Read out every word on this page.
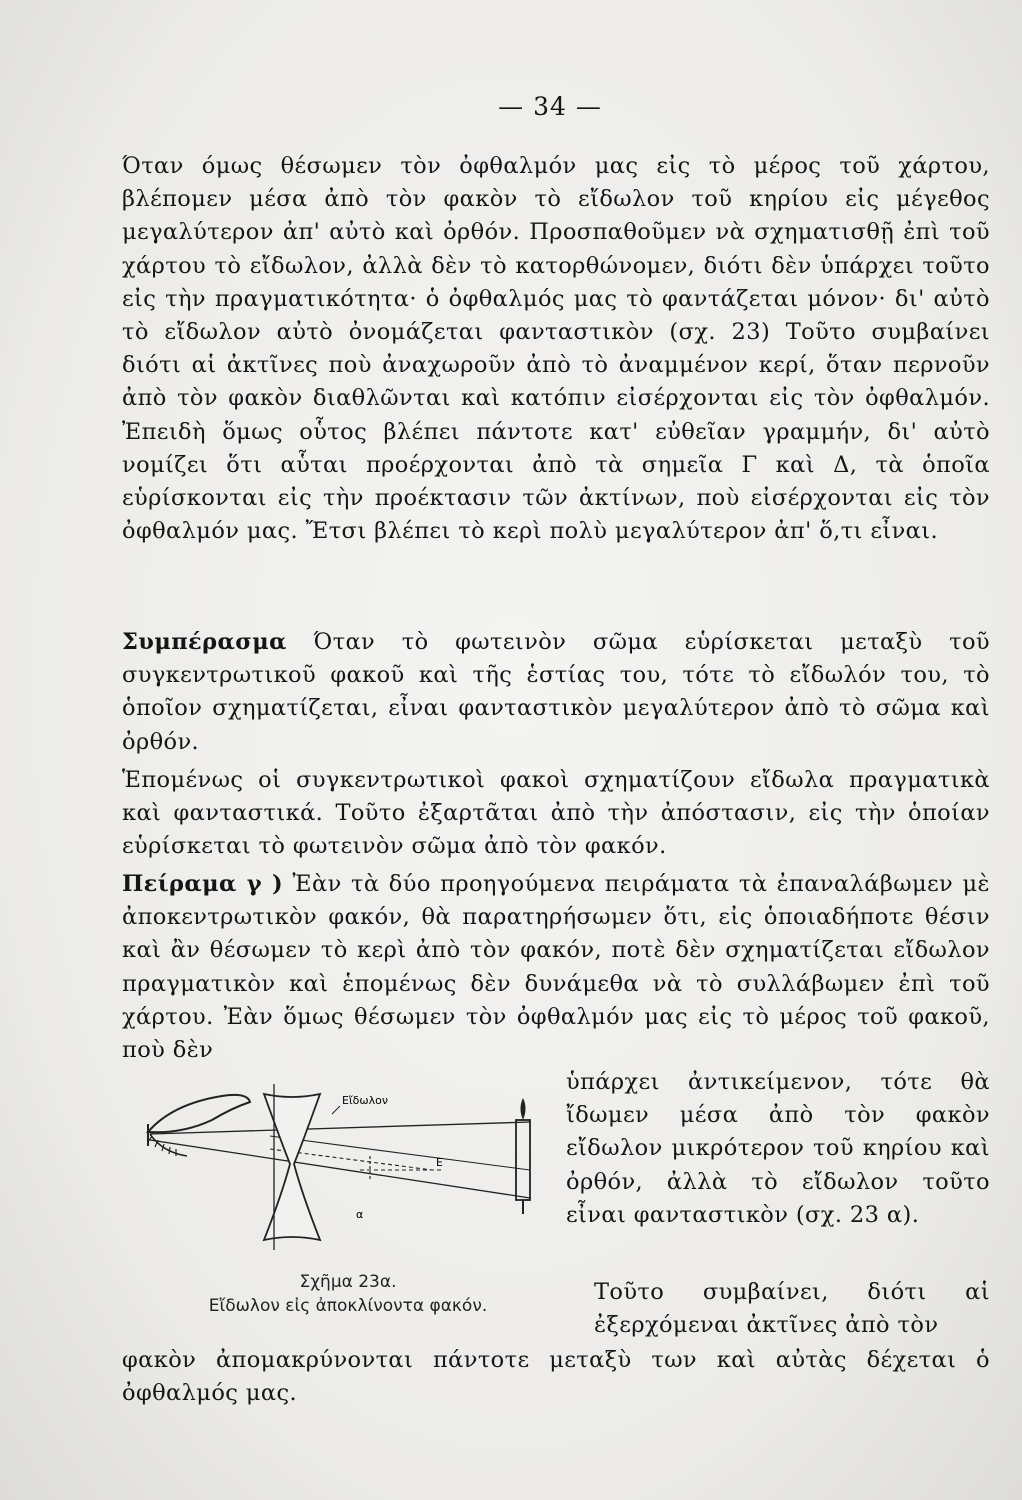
— 34 —
Όταν όμως θέσωμεν τὸν ὀφθαλμόν μας εἰς τὸ μέρος τοῦ χάρτου, βλέπομεν μέσα ἀπὸ τὸν φακὸν τὸ εἴδωλον τοῦ κηρίου εἰς μέγεθος μεγαλύτερον ἀπ' αὐτὸ καὶ ὀρθόν. Προσπαθοῦμεν νὰ σχηματισθῇ ἐπὶ τοῦ χάρτου τὸ εἴδωλον, ἀλλὰ δὲν τὸ κατορθώνομεν, διότι δὲν ὑπάρχει τοῦτο εἰς τὴν πραγματικότητα· ὁ ὀφθαλμός μας τὸ φαντάζεται μόνον· δι' αὐτὸ τὸ εἴδωλον αὐτὸ ὀνομάζεται φανταστικὸν (σχ. 23) Τοῦτο συμβαίνει διότι αἱ ἀκτῖνες ποὺ ἀναχωροῦν ἀπὸ τὸ ἀναμμένον κερί, ὅταν περνοῦν ἀπὸ τὸν φακὸν διαθλῶνται καὶ κατόπιν εἰσέρχονται εἰς τὸν ὀφθαλμόν. Ἐπειδὴ ὅμως οὗτος βλέπει πάντοτε κατ' εὐθεῖαν γραμμήν, δι' αὐτὸ νομίζει ὅτι αὗται προέρχονται ἀπὸ τὰ σημεῖα Γ καὶ Δ, τὰ ὁποῖα εὑρίσκονται εἰς τὴν προέκτασιν τῶν ἀκτίνων, ποὺ εἰσέρχονται εἰς τὸν ὀφθαλμόν μας. Ἔτσι βλέπει τὸ κερὶ πολὺ μεγαλύτερον ἀπ' ὅ,τι εἶναι.
Συμπέρασμα Όταν τὸ φωτεινὸν σῶμα εὑρίσκεται μεταξὺ τοῦ συγκεντρωτικοῦ φακοῦ καὶ τῆς ἑστίας του, τότε τὸ εἴδωλόν του, τὸ ὁποῖον σχηματίζεται, εἶναι φανταστικὸν μεγαλύτερον ἀπὸ τὸ σῶμα καὶ ὀρθόν.
Ἑπομένως οἱ συγκεντρωτικοὶ φακοὶ σχηματίζουν εἴδωλα πραγματικὰ καὶ φανταστικά. Τοῦτο ἐξαρτᾶται ἀπὸ τὴν ἀπόστασιν, εἰς τὴν ὁποίαν εὑρίσκεται τὸ φωτεινὸν σῶμα ἀπὸ τὸν φακόν.
Πείραμα γ ) Ἐὰν τὰ δύο προηγούμενα πειράματα τὰ ἐπαναλάβωμεν μὲ ἀποκεντρωτικὸν φακόν, θὰ παρατηρήσωμεν ὅτι, εἰς ὁποιαδήποτε θέσιν καὶ ἂν θέσωμεν τὸ κερὶ ἀπὸ τὸν φακόν, ποτὲ δὲν σχηματίζεται εἴδωλον πραγματικὸν καὶ ἑπομένως δὲν δυνάμεθα νὰ τὸ συλλάβωμεν ἐπὶ τοῦ χάρτου. Ἐὰν ὅμως θέσωμεν τὸν ὀφθαλμόν μας εἰς τὸ μέρος τοῦ φακοῦ, ποὺ δὲν
ὑπάρχει ἀντικείμενον, τότε θὰ ἴδωμεν μέσα ἀπὸ τὸν φακὸν εἴδωλον μικρότερον τοῦ κηρίου καὶ ὀρθόν, ἀλλὰ τὸ εἴδωλον τοῦτο εἶναι φανταστικὸν (σχ. 23 α).
Εἴδωλον
Ε
α
Σχῆμα 23α.
Εἴδωλον εἰς ἀποκλίνοντα φακόν.
Τοῦτο συμβαίνει, διότι αἱ ἐξερχόμεναι ἀκτῖνες ἀπὸ τὸν
φακὸν ἀπομακρύνονται πάντοτε μεταξὺ των καὶ αὐτὰς δέχεται ὁ ὀφθαλμός μας.
